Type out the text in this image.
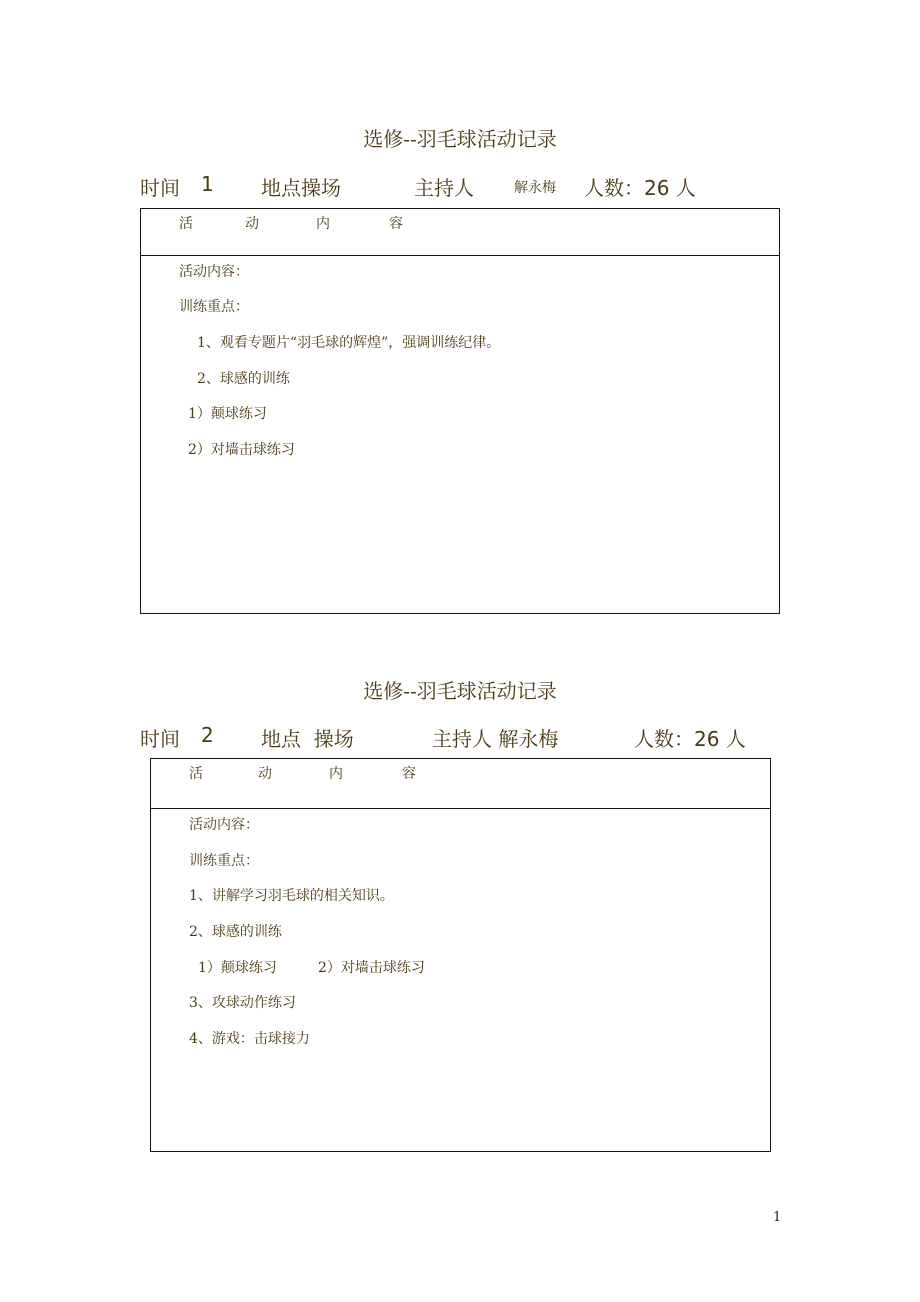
选修--羽毛球活动记录
时间 1 地点操场	主持人	解永梅 人数：26 人
活	动	内	容
活动内容：
训练重点：
1、观看专题片“羽毛球的辉煌”，强调训练纪律。
2、球感的训练
1）颠球练习
2）对墙击球练习
选修--羽毛球活动记录
时间 2 地点  操场	主持人 解永梅	人数：26 人
活	动	内	容
活动内容：
训练重点：
1、讲解学习羽毛球的相关知识。
2、球感的训练
1）颠球练习	2）对墙击球练习
3、攻球动作练习
4、游戏：击球接力
1
